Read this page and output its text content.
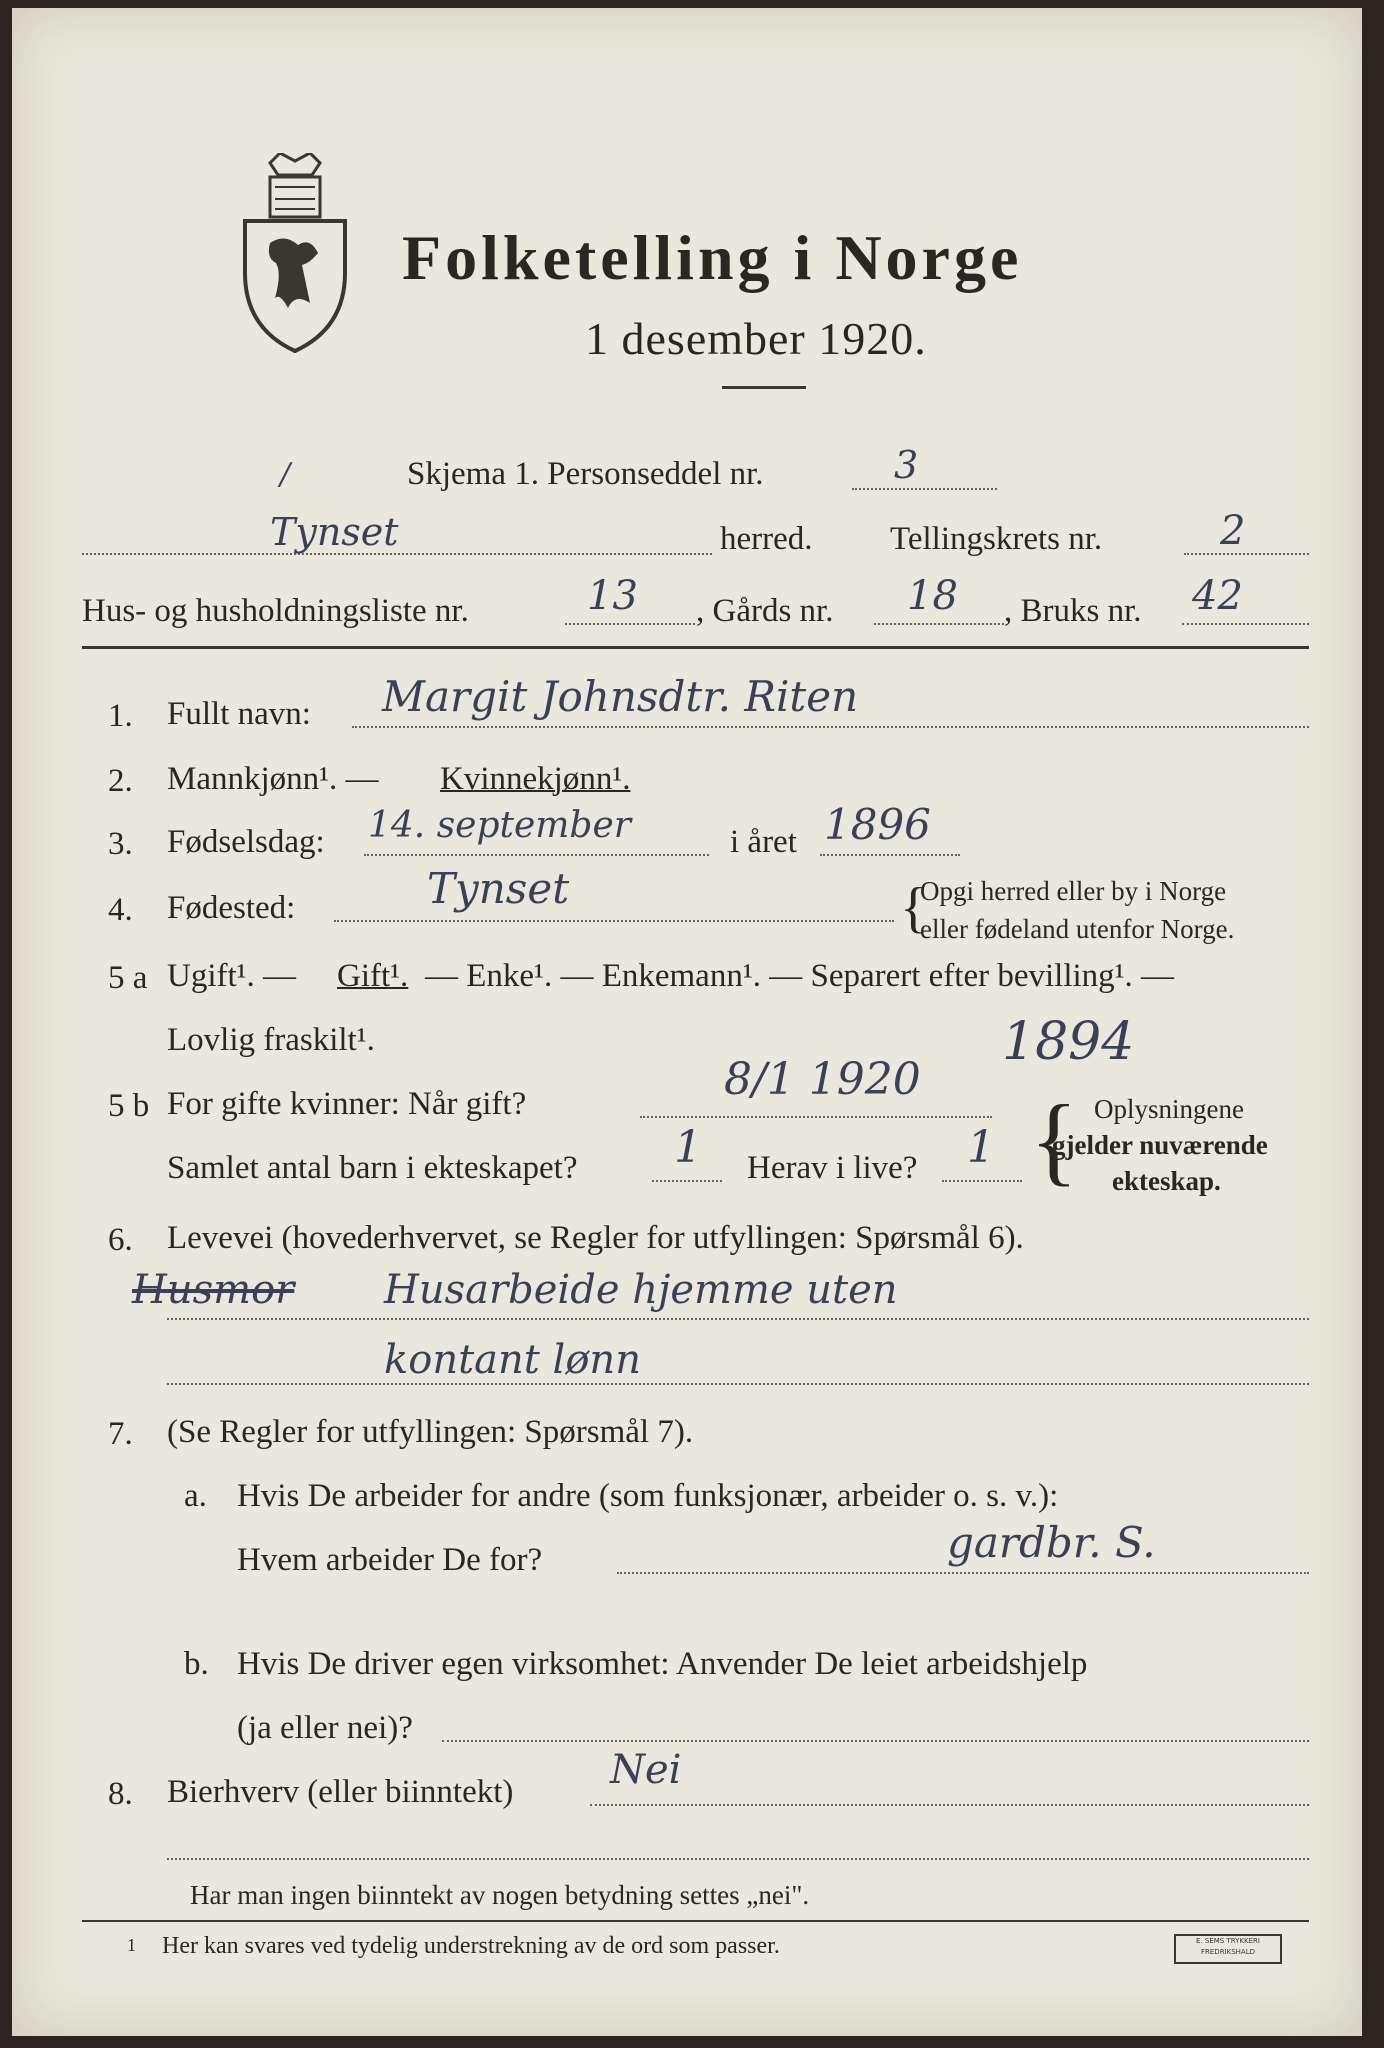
Folketelling i Norge
1 desember 1920.
/	Skjema 1. Personseddel nr.	3
Tynset	herred. Tellingskrets nr.	2
Hus- og husholdningsliste nr.	13 , Gårds nr. 18 , Bruks nr. 42
1. Fullt navn: Margit Johnsdtr. Riten
2. Mannkjønn¹. — Kvinnekjønn¹.
3. Fødselsdag: 14. september	i året 1896
4. Fødested:	Tynset	{
Opgi herred eller by i Norge
eller fødeland utenfor Norge.
5 a Ugift¹. — Gift¹. — Enke¹. — Enkemann¹. — Separert efter bevilling¹. —
Lovlig fraskilt¹.
5 b For gifte kvinner: Når gift?	8/1 1920
1894
Samlet antal barn i ekteskapet? 1 Herav i live? 1 { Oplysningene
gjelder nuværende
ekteskap.
6. Levevei (hovederhvervet, se Regler for utfyllingen: Spørsmål 6).
Husmor Husarbeide hjemme uten
kontant lønn
7. (Se Regler for utfyllingen: Spørsmål 7).
a. Hvis De arbeider for andre (som funksjonær, arbeider o. s. v.):
Hvem arbeider De for?	gardbr. S.
b. Hvis De driver egen virksomhet: Anvender De leiet arbeidshjelp
(ja eller nei)?
8. Bierhverv (eller biinntekt) Nei
Har man ingen biinntekt av nogen betydning settes „nei".
1 Her kan svares ved tydelig understrekning av de ord som passer.	E. SEMS TRYKKERI FREDRIKSHALD
